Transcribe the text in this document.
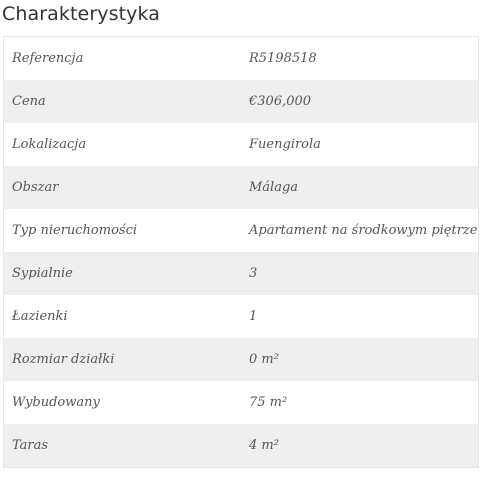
Charakterystyka
Referencja	R5198518
Cena	€306,000
Lokalizacja	Fuengirola
Obszar	Málaga
Typ nieruchomości	Apartament na środkowym piętrze
Sypialnie	3
Łazienki	1
Rozmiar działki	0 m²
Wybudowany	75 m²
Taras	4 m²
